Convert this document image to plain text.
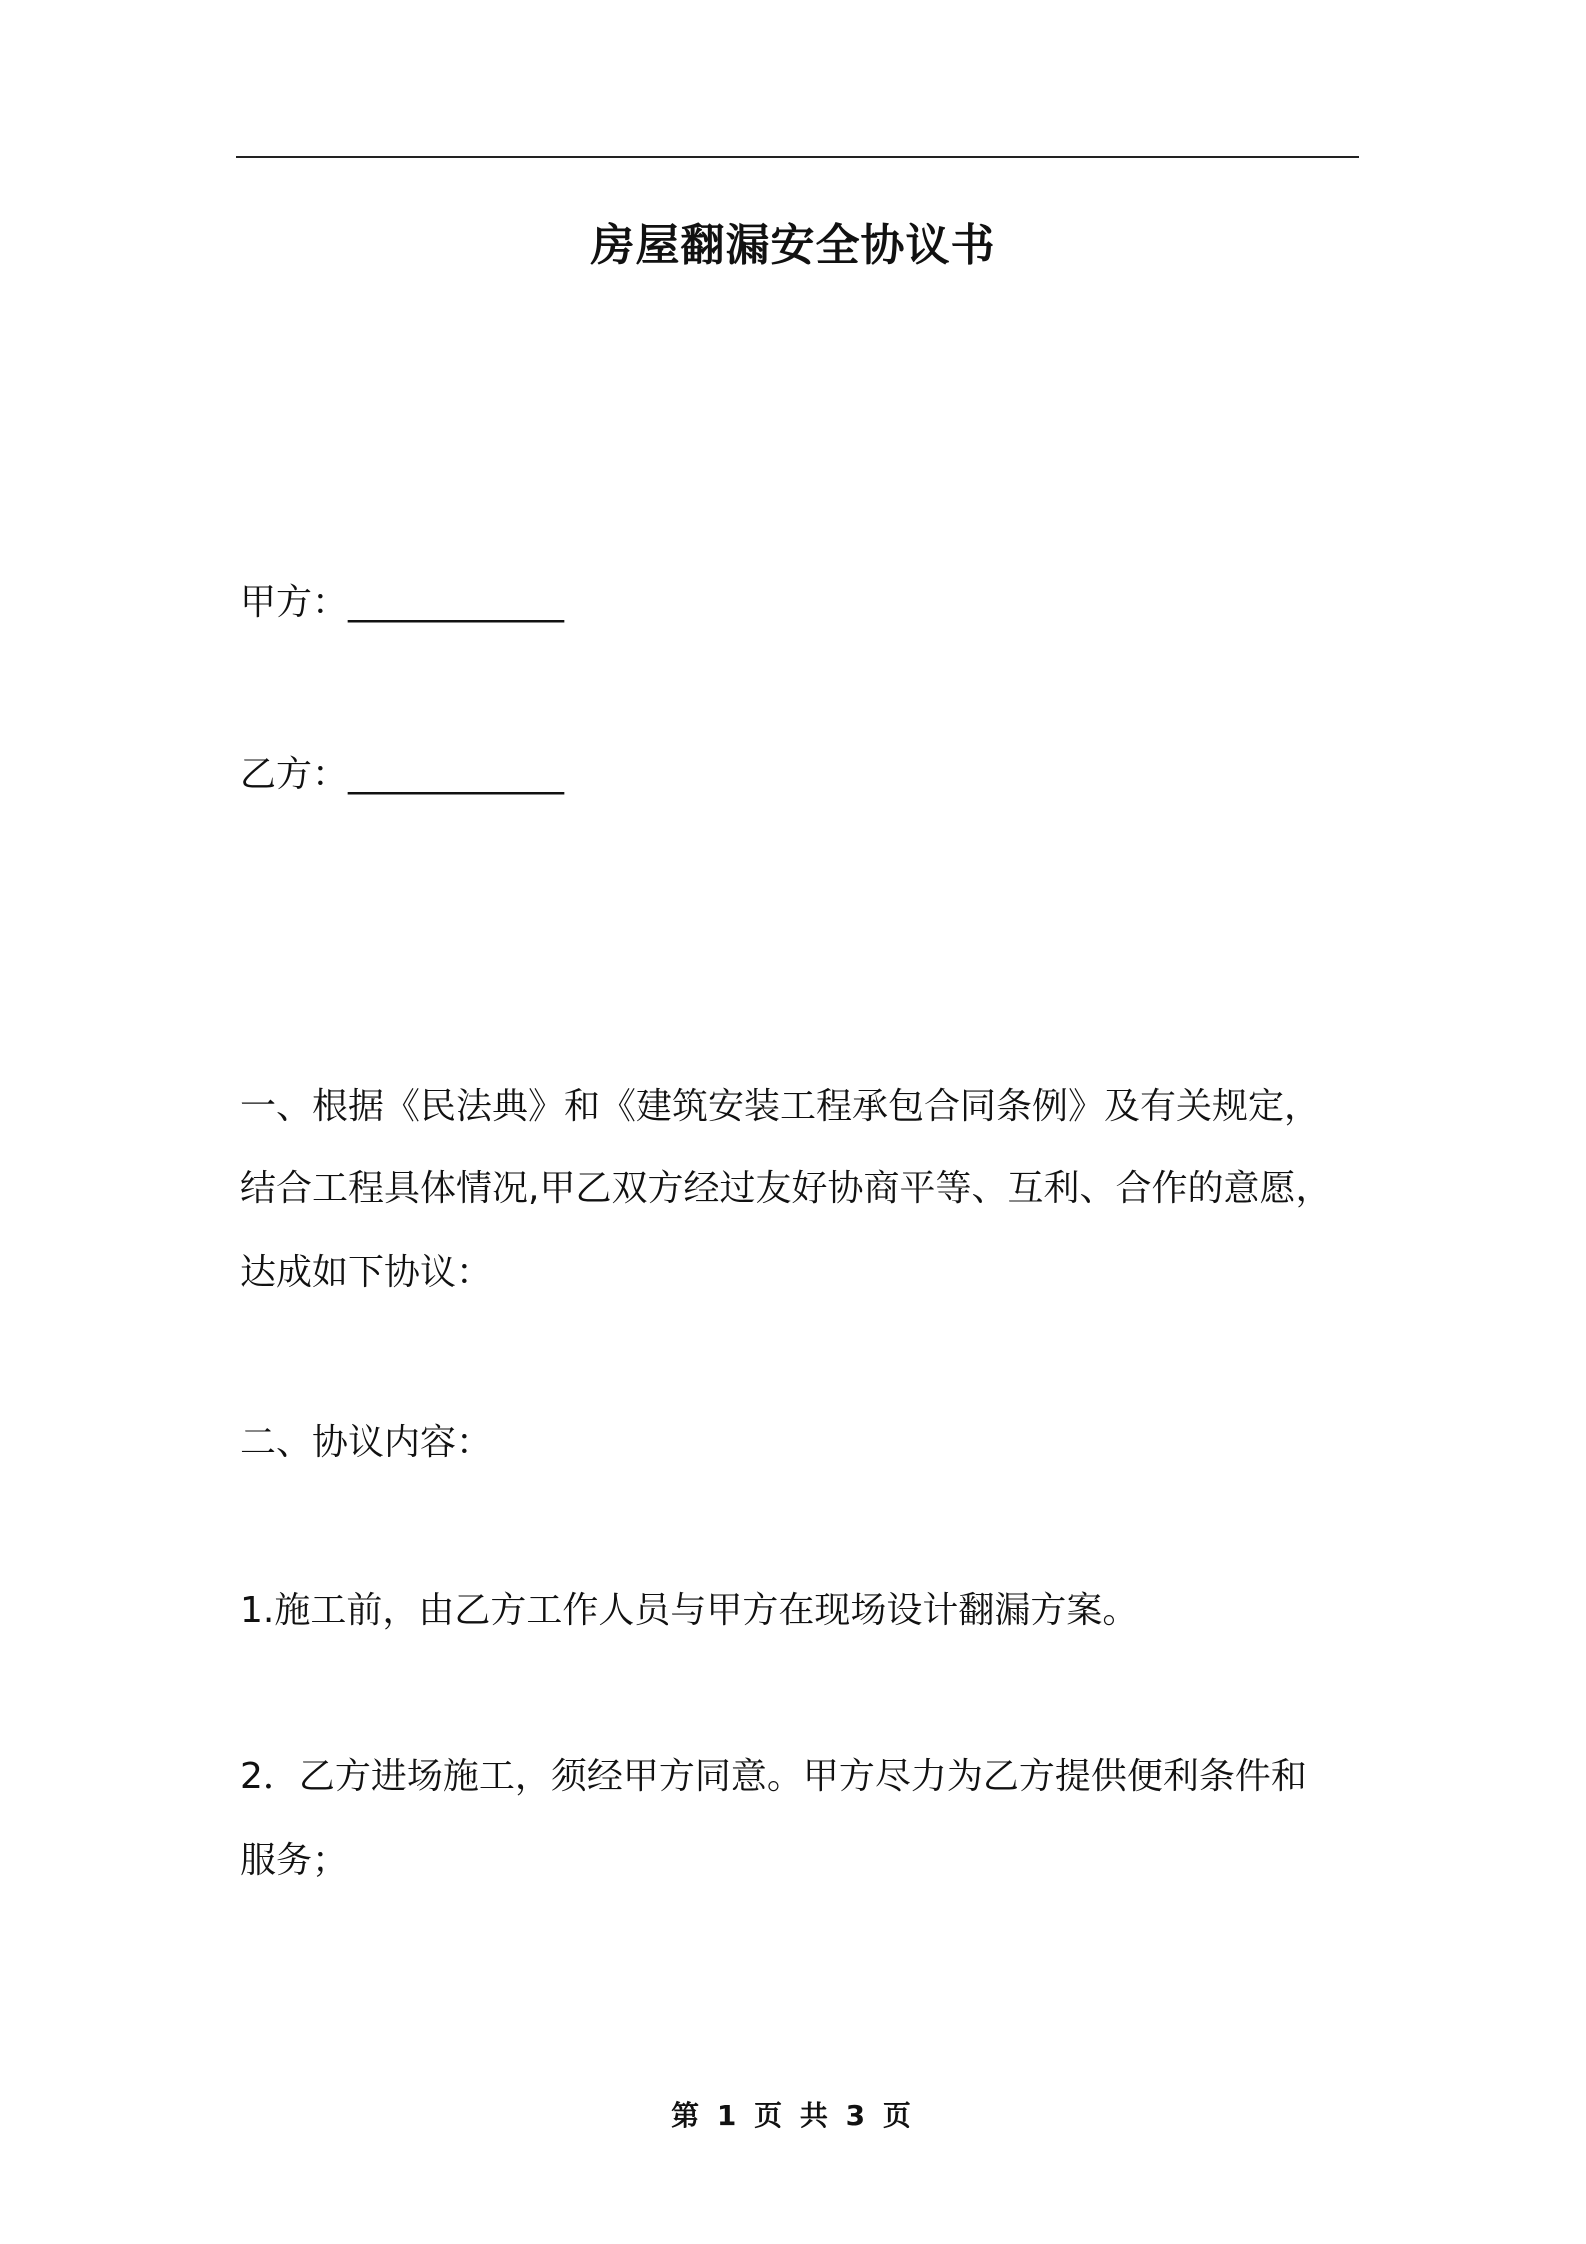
房屋翻漏安全协议书
甲方：____________
乙方：____________
一、根据《民法典》和《建筑安装工程承包合同条例》及有关规定，
结合工程具体情况,甲乙双方经过友好协商平等、互利、合作的意愿，
达成如下协议：
二、协议内容：
1.施工前，由乙方工作人员与甲方在现场设计翻漏方案。
2．乙方进场施工，须经甲方同意。甲方尽力为乙方提供便利条件和
服务；
第 1 页 共 3 页
